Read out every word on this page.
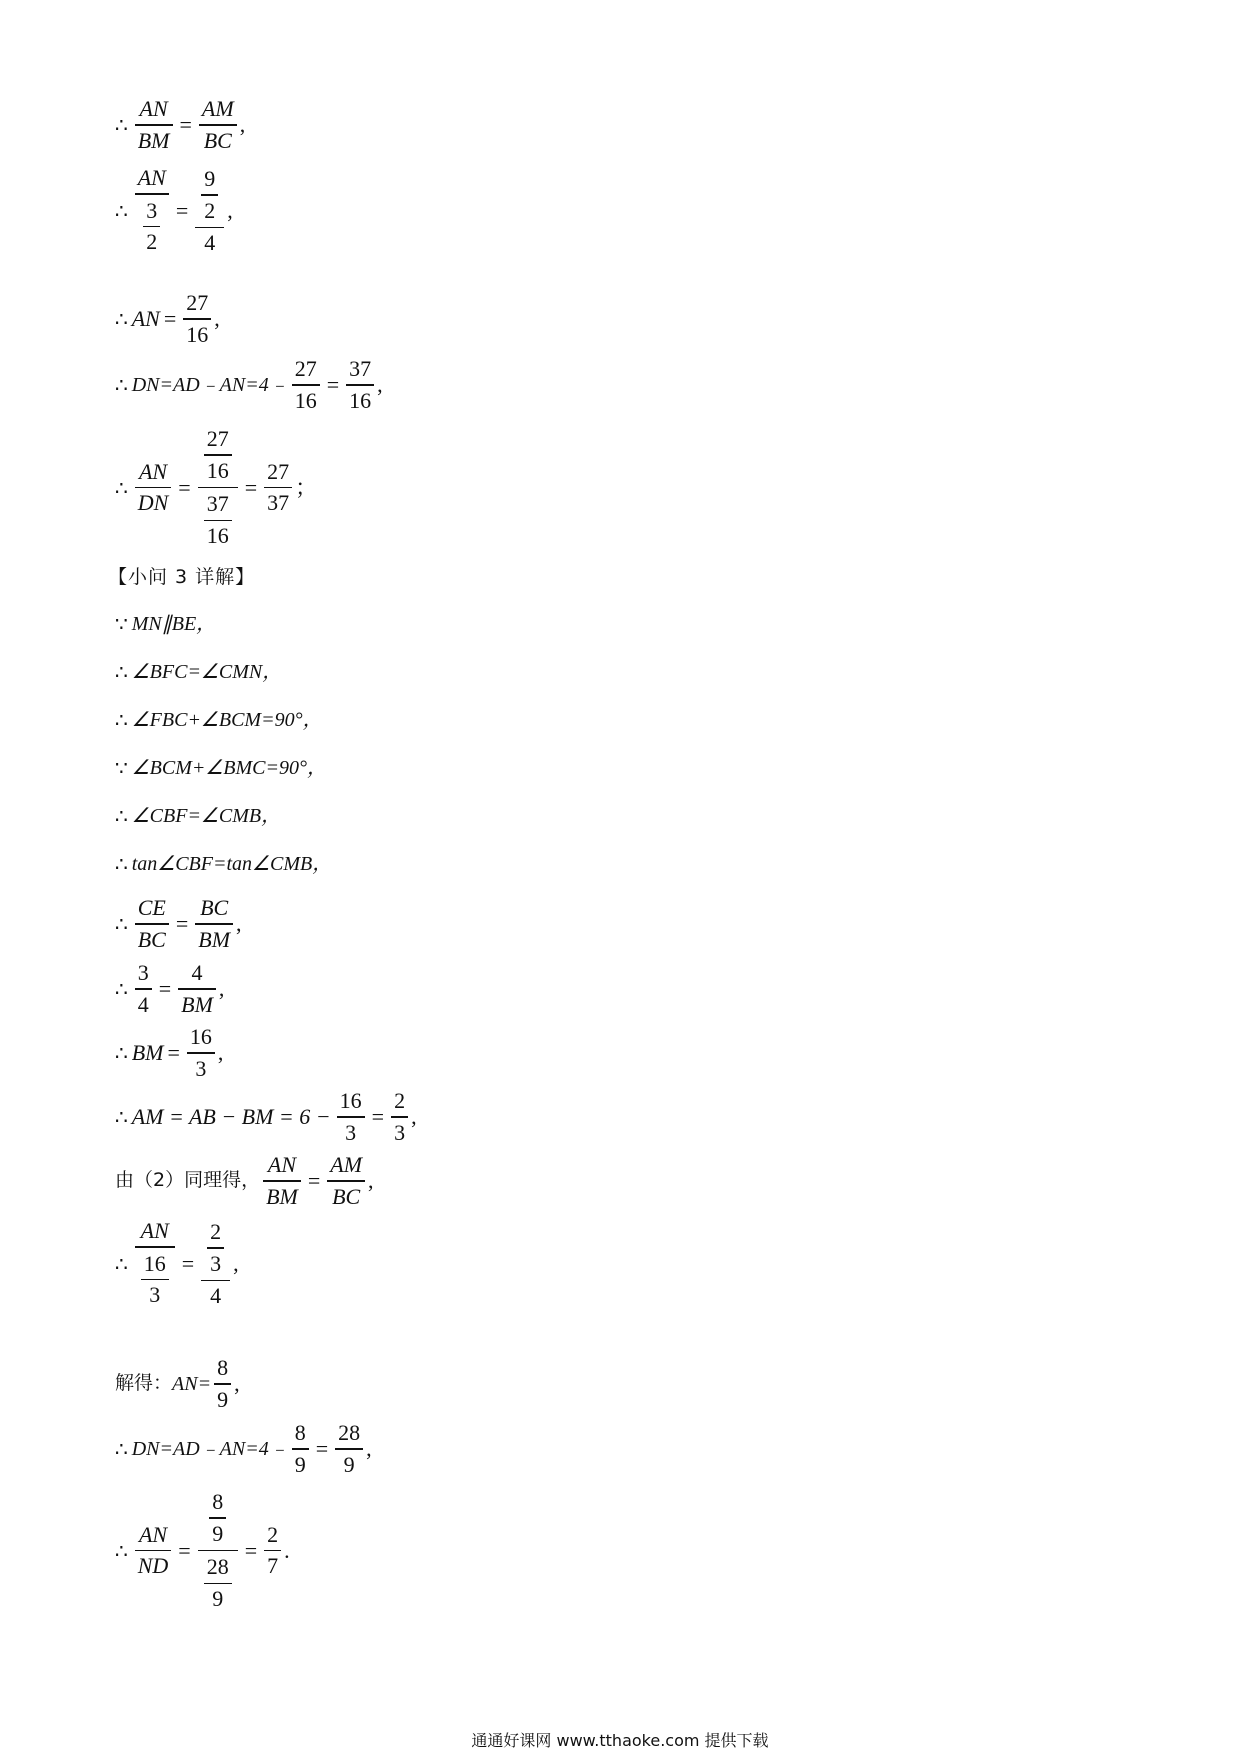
∴ $\frac{AN}{BM} = \frac{AM}{BC}$ ,
∴ $\frac{AN}{\frac{3}{2}} = \frac{\frac{9}{2}}{4}$ ,
∴ AN = $\frac{27}{16}$ ,
∴ DN=AD﹣AN=4﹣ $\frac{27}{16} = \frac{37}{16}$ ,
∴ $\frac{AN}{DN} = \frac{\frac{27}{16}}{\frac{37}{16}} = \frac{27}{37}$ ；
【小问 3 详解】
∵ MN∥BE，
∴ ∠BFC=∠CMN，
∴ ∠FBC+∠BCM=90°，
∵ ∠BCM+∠BMC=90°，
∴ ∠CBF=∠CMB，
∴ tan∠CBF=tan∠CMB，
∴ $\frac{CE}{BC} = \frac{BC}{BM}$ ,
∴ $\frac{3}{4} = \frac{4}{BM}$ ,
∴ BM = $\frac{16}{3}$ ,
∴ AM = AB − BM = $6 - \frac{16}{3} = \frac{2}{3}$ ,
由（2）同理得， $\frac{AN}{BM} = \frac{AM}{BC}$ ,
∴ $\frac{AN}{\frac{16}{3}} = \frac{\frac{2}{3}}{4}$ ,
解得： $AN= \frac{8}{9}$ ,
∴ DN=AD﹣AN=4﹣ $\frac{8}{9} = \frac{28}{9}$ ,
∴ $\frac{AN}{ND} = \frac{\frac{8}{9}}{\frac{28}{9}} = \frac{2}{7}$ .
通通好课网 www.tthaoke.com 提供下载
